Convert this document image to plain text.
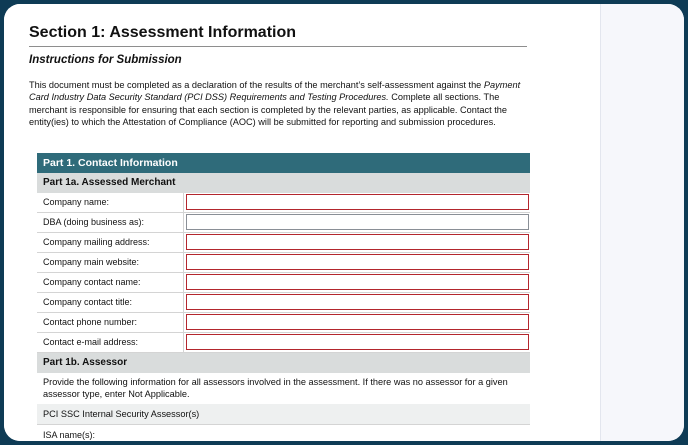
Section 1: Assessment Information
Instructions for Submission
This document must be completed as a declaration of the results of the merchant’s self-assessment against the Payment Card Industry Data Security Standard (PCI DSS) Requirements and Testing Procedures. Complete all sections. The merchant is responsible for ensuring that each section is completed by the relevant parties, as applicable. Contact the entity(ies) to which the Attestation of Compliance (AOC) will be submitted for reporting and submission procedures.
Part 1. Contact Information
Part 1a. Assessed Merchant
Company name:
DBA (doing business as):
Company mailing address:
Company main website:
Company contact name:
Company contact title:
Contact phone number:
Contact e-mail address:
Part 1b. Assessor
Provide the following information for all assessors involved in the assessment. If there was no assessor for a given assessor type, enter Not Applicable.
PCI SSC Internal Security Assessor(s)
ISA name(s):
